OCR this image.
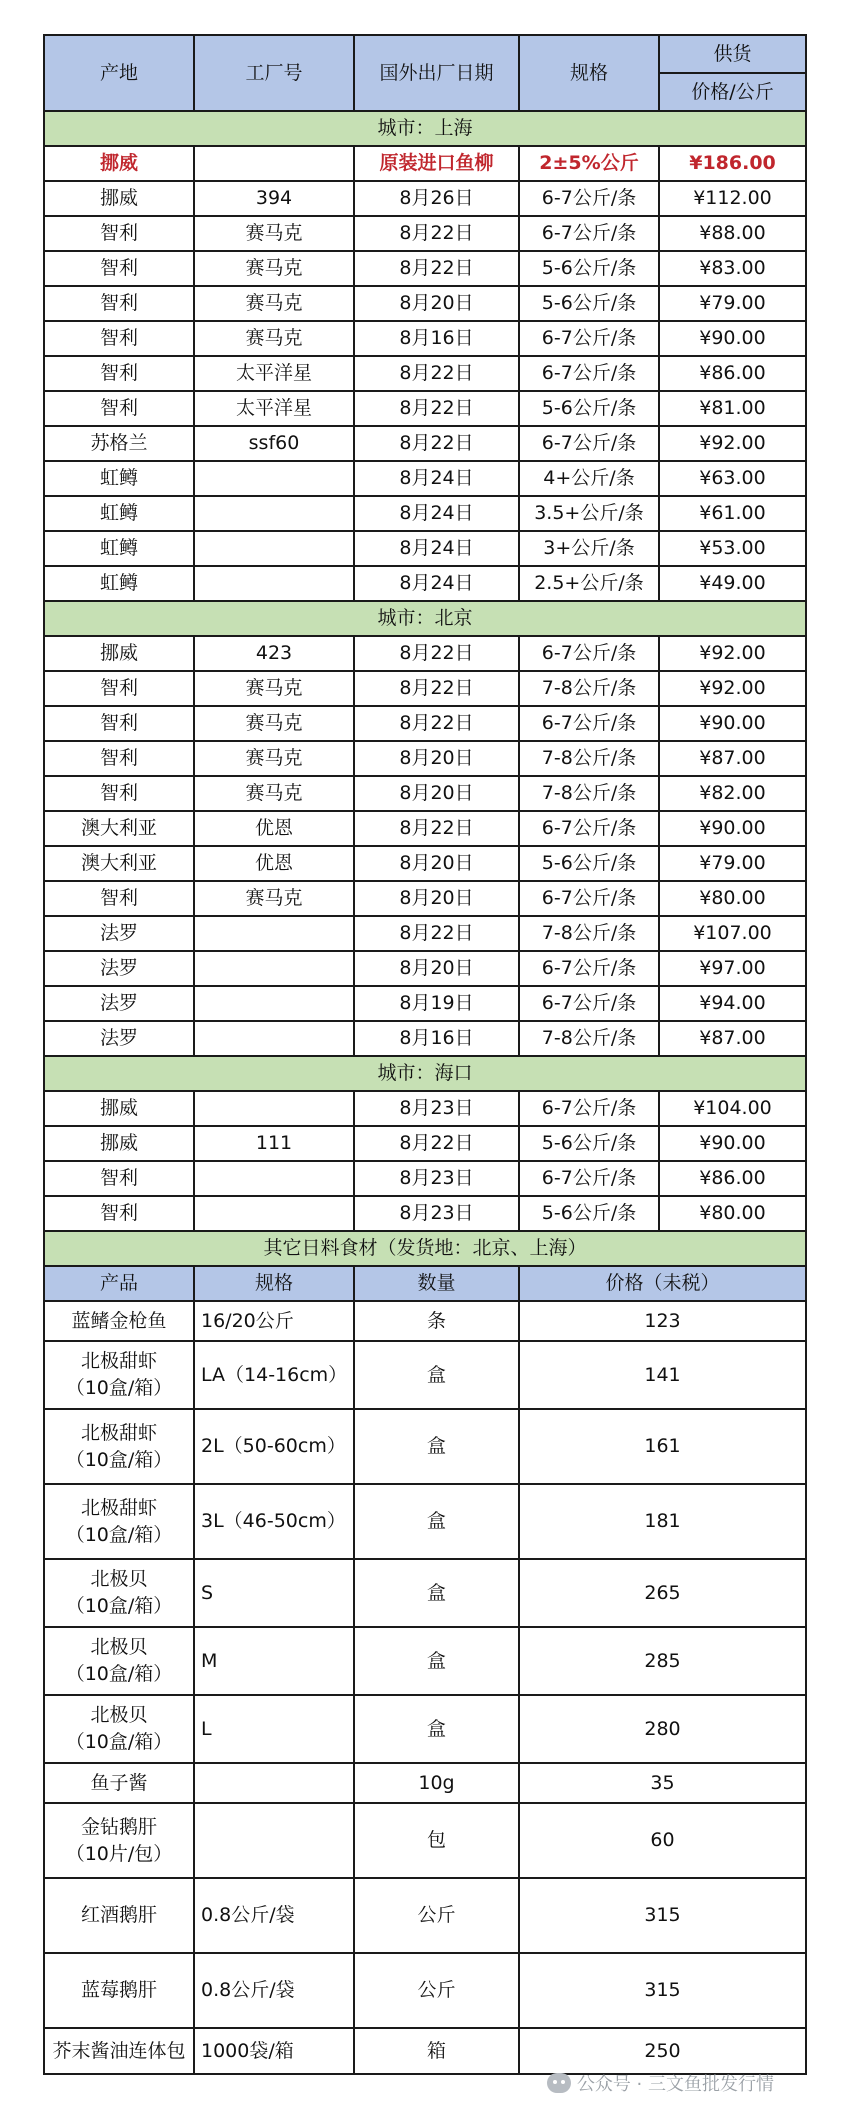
产地	工厂号	国外出厂日期	规格	供货
				价格/公斤
城市：上海				
挪威		原装进口鱼柳	2±5%公斤	¥186.00
挪威	394	8月26日	6-7公斤/条	¥112.00
智利	赛马克	8月22日	6-7公斤/条	¥88.00
智利	赛马克	8月22日	5-6公斤/条	¥83.00
智利	赛马克	8月20日	5-6公斤/条	¥79.00
智利	赛马克	8月16日	6-7公斤/条	¥90.00
智利	太平洋星	8月22日	6-7公斤/条	¥86.00
智利	太平洋星	8月22日	5-6公斤/条	¥81.00
苏格兰	ssf60	8月22日	6-7公斤/条	¥92.00
虹鳟		8月24日	4+公斤/条	¥63.00
虹鳟		8月24日	3.5+公斤/条	¥61.00
虹鳟		8月24日	3+公斤/条	¥53.00
虹鳟		8月24日	2.5+公斤/条	¥49.00
城市：北京				
挪威	423	8月22日	6-7公斤/条	¥92.00
智利	赛马克	8月22日	7-8公斤/条	¥92.00
智利	赛马克	8月22日	6-7公斤/条	¥90.00
智利	赛马克	8月20日	7-8公斤/条	¥87.00
智利	赛马克	8月20日	7-8公斤/条	¥82.00
澳大利亚	优恩	8月22日	6-7公斤/条	¥90.00
澳大利亚	优恩	8月20日	5-6公斤/条	¥79.00
智利	赛马克	8月20日	6-7公斤/条	¥80.00
法罗		8月22日	7-8公斤/条	¥107.00
法罗		8月20日	6-7公斤/条	¥97.00
法罗		8月19日	6-7公斤/条	¥94.00
法罗		8月16日	7-8公斤/条	¥87.00
城市：海口				
挪威		8月23日	6-7公斤/条	¥104.00
挪威	111	8月22日	5-6公斤/条	¥90.00
智利		8月23日	6-7公斤/条	¥86.00
智利		8月23日	5-6公斤/条	¥80.00
其它日料食材（发货地：北京、上海）				
产品	规格	数量	价格（未税）	
蓝鳍金枪鱼	16/20公斤	条	123	
北极甜虾
（10盒/箱）	LA（14-16cm）	盒	141	
北极甜虾
（10盒/箱）	2L（50-60cm）	盒	161	
北极甜虾
（10盒/箱）	3L（46-50cm）	盒	181	
北极贝
（10盒/箱）	S	盒	265	
北极贝
（10盒/箱）	M	盒	285	
北极贝
（10盒/箱）	L	盒	280	
鱼子酱		10g	35	
金钻鹅肝
（10片/包）		包	60	
红酒鹅肝	0.8公斤/袋	公斤	315	
蓝莓鹅肝	0.8公斤/袋	公斤	315	
芥末酱油连体包	1000袋/箱	箱	250	
公众号 · 三文鱼批发行情
